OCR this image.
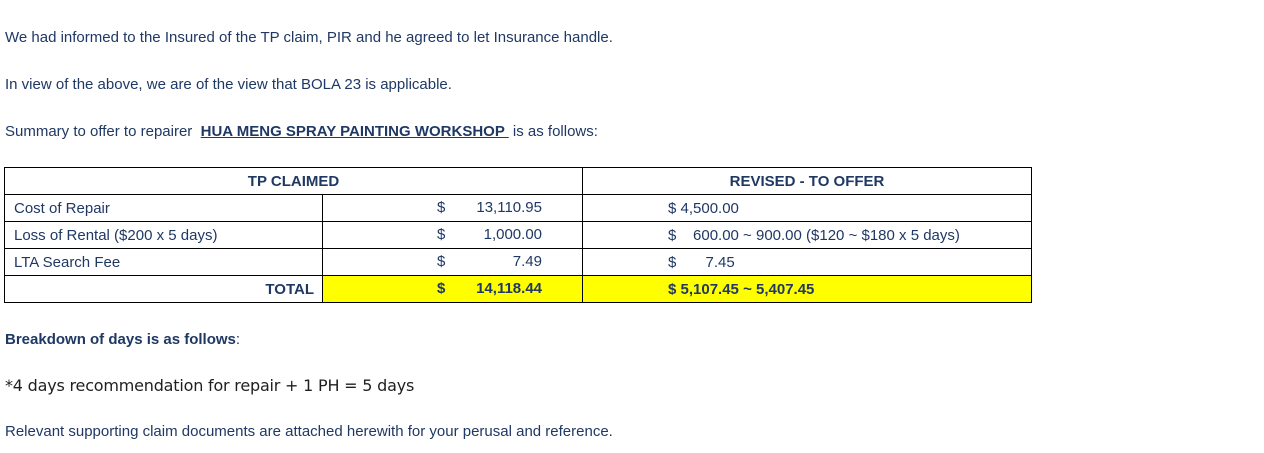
We had informed to the Insured of the TP claim, PIR and he agreed to let Insurance handle.
In view of the above, we are of the view that BOLA 23 is applicable.
Summary to offer to repairer  HUA MENG SPRAY PAINTING WORKSHOP  is as follows:
TP CLAIMED		REVISED - TO OFFER
Cost of Repair	$ 13,110.95	$ 4,500.00
Loss of Rental ($200 x 5 days)	$ 1,000.00	$    600.00 ~ 900.00 ($120 ~ $180 x 5 days)
LTA Search Fee	$ 7.49	$       7.45
TOTAL	$ 14,118.44	$ 5,107.45 ~ 5,407.45
Breakdown of days is as follows:
*4 days recommendation for repair + 1 PH = 5 days
Relevant supporting claim documents are attached herewith for your perusal and reference.
